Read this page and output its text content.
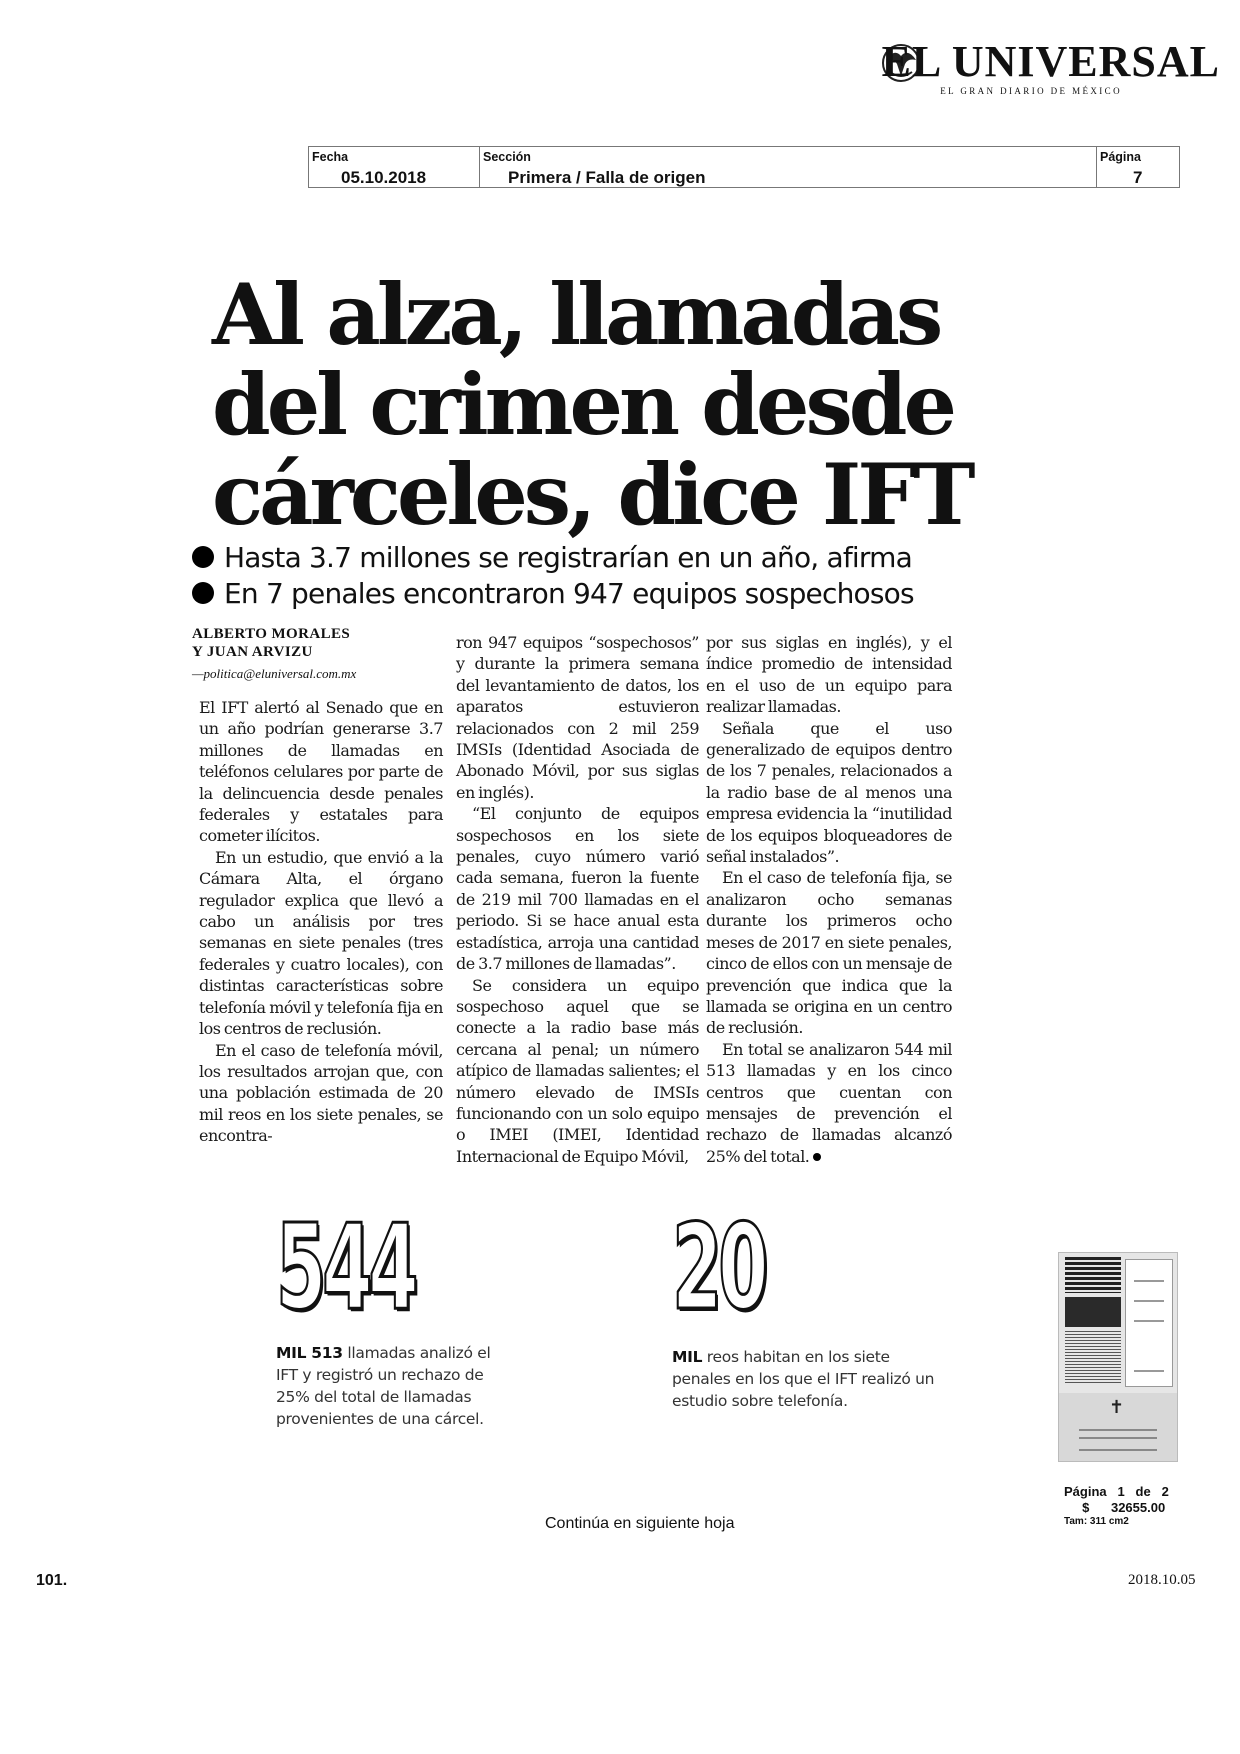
EL UNIVERSAL
EL GRAN DIARIO DE MÉXICO
Fecha
05.10.2018
Sección
Primera / Falla de origen
Página
7
Al alza, llamadas
del crimen desde
cárceles, dice IFT
Hasta 3.7 millones se registrarían en un año, afirma
En 7 penales encontraron 947 equipos sospechosos
ALBERTO MORALES
Y JUAN ARVIZU
—politica@eluniversal.com.mx

El IFT alertó al Senado que en un año podrían generarse 3.7 millones de llamadas en teléfonos celulares por parte de la delincuencia desde penales federales y estatales para cometer ilícitos.

En un estudio, que envió a la Cámara Alta, el órgano regulador explica que llevó a cabo un análisis por tres semanas en siete penales (tres federales y cuatro locales), con distintas características sobre telefonía móvil y telefonía fija en los centros de reclusión.

En el caso de telefonía móvil, los resultados arrojan que, con una población estimada de 20 mil reos en los siete penales, se encontra-

ron 947 equipos “sospechosos” y durante la primera semana del levantamiento de datos, los aparatos estuvieron relacionados con 2 mil 259 IMSIs (Identidad Asociada de Abonado Móvil, por sus siglas en inglés).

“El conjunto de equipos sospechosos en los siete penales, cuyo número varió cada semana, fueron la fuente de 219 mil 700 llamadas en el periodo. Si se hace anual esta estadística, arroja una cantidad de 3.7 millones de llamadas”.

Se considera un equipo sospechoso aquel que se conecte a la radio base más cercana al penal; un número atípico de llamadas salientes; el número elevado de IMSIs funcionando con un solo equipo o IMEI (IMEI, Identidad Internacional de Equipo Móvil,

por sus siglas en inglés), y el índice promedio de intensidad en el uso de un equipo para realizar llamadas.

Señala que el uso generalizado de equipos dentro de los 7 penales, relacionados a la radio base de al menos una empresa evidencia la “inutilidad de los equipos bloqueadores de señal instalados”.

En el caso de telefonía fija, se analizaron ocho semanas durante los primeros ocho meses de 2017 en siete penales, cinco de ellos con un mensaje de prevención que indica que la llamada se origina en un centro de reclusión.

En total se analizaron 544 mil 513 llamadas y en los cinco centros que cuentan con mensajes de prevención el rechazo de llamadas alcanzó 25% del total.

544
MIL 513 llamadas analizó el IFT y registró un rechazo de 25% del total de llamadas provenientes de una cárcel.
20
MIL reos habitan en los siete penales en los que el IFT realizó un estudio sobre telefonía.	✝
Página 1 de 2
$ 32655.00
Tam: 311 cm2
Continúa en siguiente hoja
101.	2018.10.05
